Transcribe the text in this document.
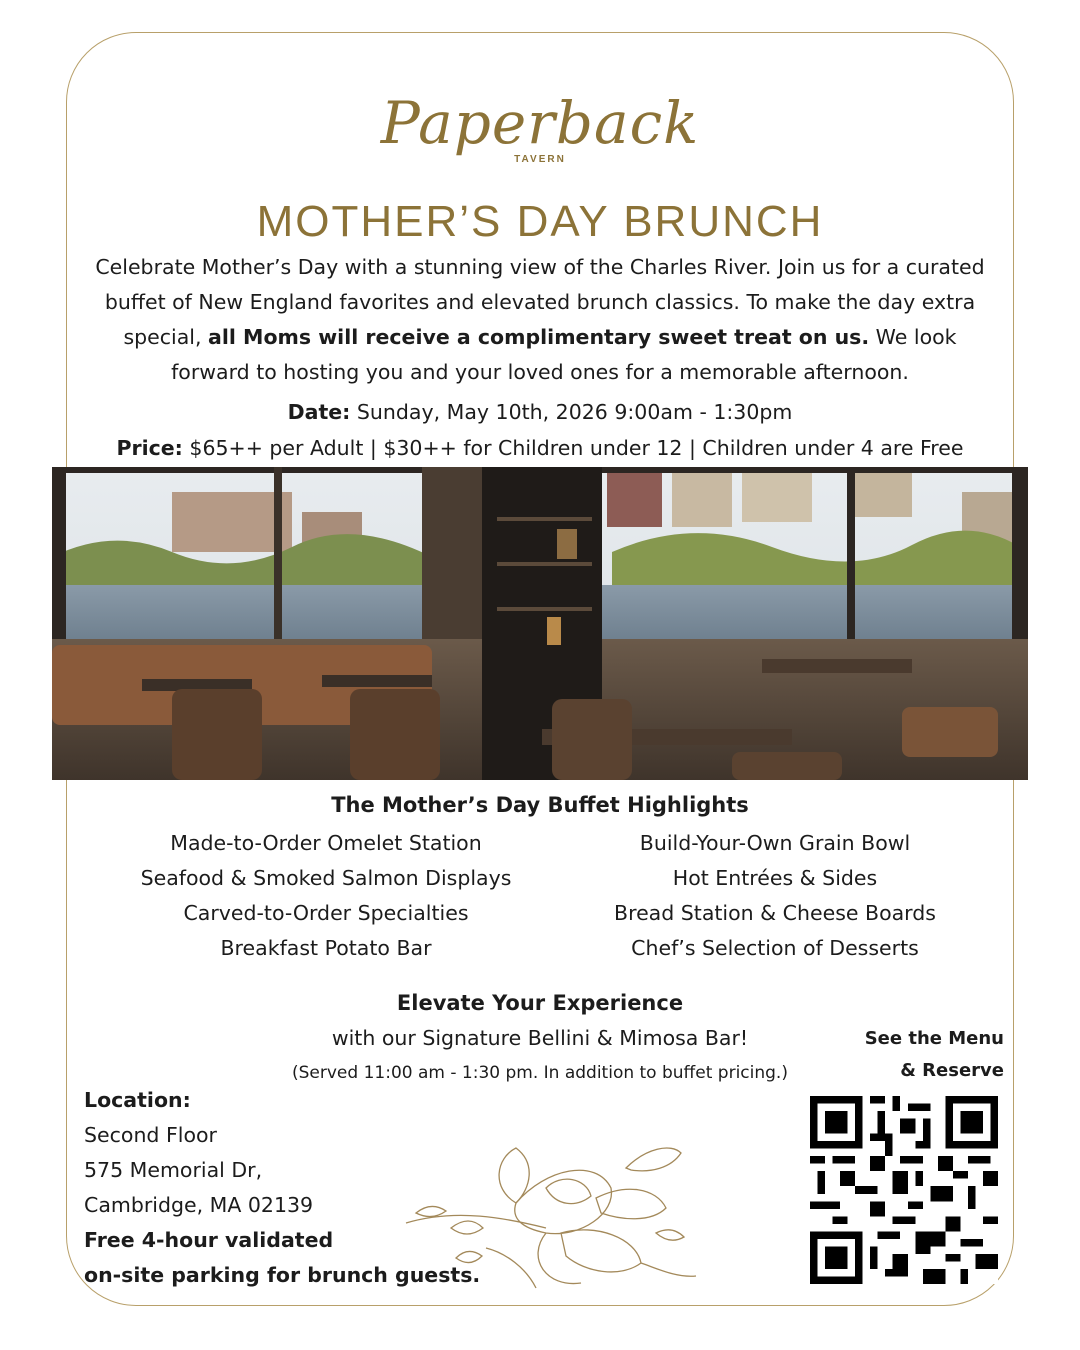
Paperback
TAVERN
MOTHER’S DAY BRUNCH
Celebrate Mother’s Day with a stunning view of the Charles River. Join us for a curated buffet of New England favorites and elevated brunch classics. To make the day extra special, all Moms will receive a complimentary sweet treat on us. We look forward to hosting you and your loved ones for a memorable afternoon.
Date: Sunday, May 10th, 2026 9:00am - 1:30pm
Price: $65++ per Adult | $30++ for Children under 12 | Children under 4 are Free
The Mother’s Day Buffet Highlights
Made-to-Order Omelet Station
Seafood & Smoked Salmon Displays
Carved-to-Order Specialties
Breakfast Potato Bar
Build-Your-Own Grain Bowl
Hot Entrées & Sides
Bread Station & Cheese Boards
Chef’s Selection of Desserts
Elevate Your Experience
with our Signature Bellini & Mimosa Bar!
(Served 11:00 am - 1:30 pm. In addition to buffet pricing.)
Location:
Second Floor
575 Memorial Dr,
Cambridge, MA 02139
Free 4-hour validated
on-site parking for brunch guests.
See the Menu
& Reserve
